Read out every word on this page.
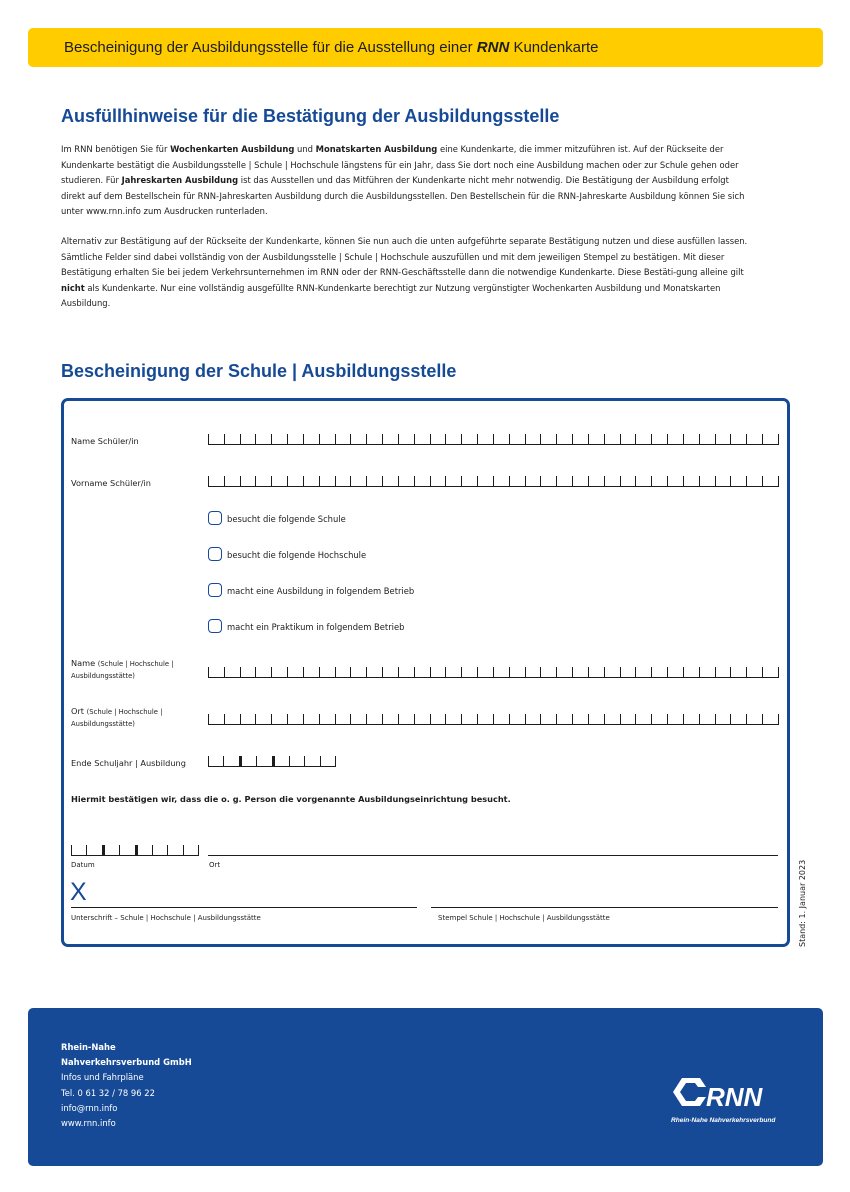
Bescheinigung der Ausbildungsstelle für die Ausstellung einer RNN Kundenkarte
Ausfüllhinweise für die Bestätigung der Ausbildungsstelle
Im RNN benötigen Sie für Wochenkarten Ausbildung und Monatskarten Ausbildung eine Kundenkarte, die immer mitzuführen ist. Auf der Rückseite der Kundenkarte bestätigt die Ausbildungsstelle | Schule | Hochschule längstens für ein Jahr, dass Sie dort noch eine Ausbildung machen oder zur Schule gehen oder studieren. Für Jahreskarten Ausbildung ist das Ausstellen und das Mitführen der Kundenkarte nicht mehr notwendig. Die Bestätigung der Ausbildung erfolgt direkt auf dem Bestellschein für RNN-Jahreskarten Ausbildung durch die Ausbildungsstellen. Den Bestellschein für die RNN-Jahreskarte Ausbildung können Sie sich unter www.rnn.info zum Ausdrucken runterladen.
Alternativ zur Bestätigung auf der Rückseite der Kundenkarte, können Sie nun auch die unten aufgeführte separate Bestätigung nutzen und diese ausfüllen lassen. Sämtliche Felder sind dabei vollständig von der Ausbildungsstelle | Schule | Hochschule auszufüllen und mit dem jeweiligen Stempel zu bestätigen. Mit dieser Bestätigung erhalten Sie bei jedem Verkehrsunternehmen im RNN oder der RNN-Geschäftsstelle dann die notwendige Kundenkarte. Diese Bestäti-gung alleine gilt nicht als Kundenkarte. Nur eine vollständig ausgefüllte RNN-Kundenkarte berechtigt zur Nutzung vergünstigter Wochenkarten Ausbildung und Monatskarten Ausbildung.
Bescheinigung der Schule | Ausbildungsstelle
Name Schüler/in
Vorname Schüler/in
besucht die folgende Schule
besucht die folgende Hochschule
macht eine Ausbildung in folgendem Betrieb
macht ein Praktikum in folgendem Betrieb
Name (Schule | Hochschule | Ausbildungsstätte)
Ort (Schule | Hochschule | Ausbildungsstätte)
Ende Schuljahr | Ausbildung
Hiermit bestätigen wir, dass die o. g. Person die vorgenannte Ausbildungseinrichtung besucht.
Datum	Ort
X
Unterschrift – Schule | Hochschule | Ausbildungsstätte	Stempel Schule | Hochschule | Ausbildungsstätte	Stand: 1. Januar 2023
Rhein-Nahe
Nahverkehrsverbund GmbH
Infos und Fahrpläne
Tel. 0 61 32 / 78 96 22
info@rnn.info
www.rnn.info
RNN
Rhein-Nahe Nahverkehrsverbund
